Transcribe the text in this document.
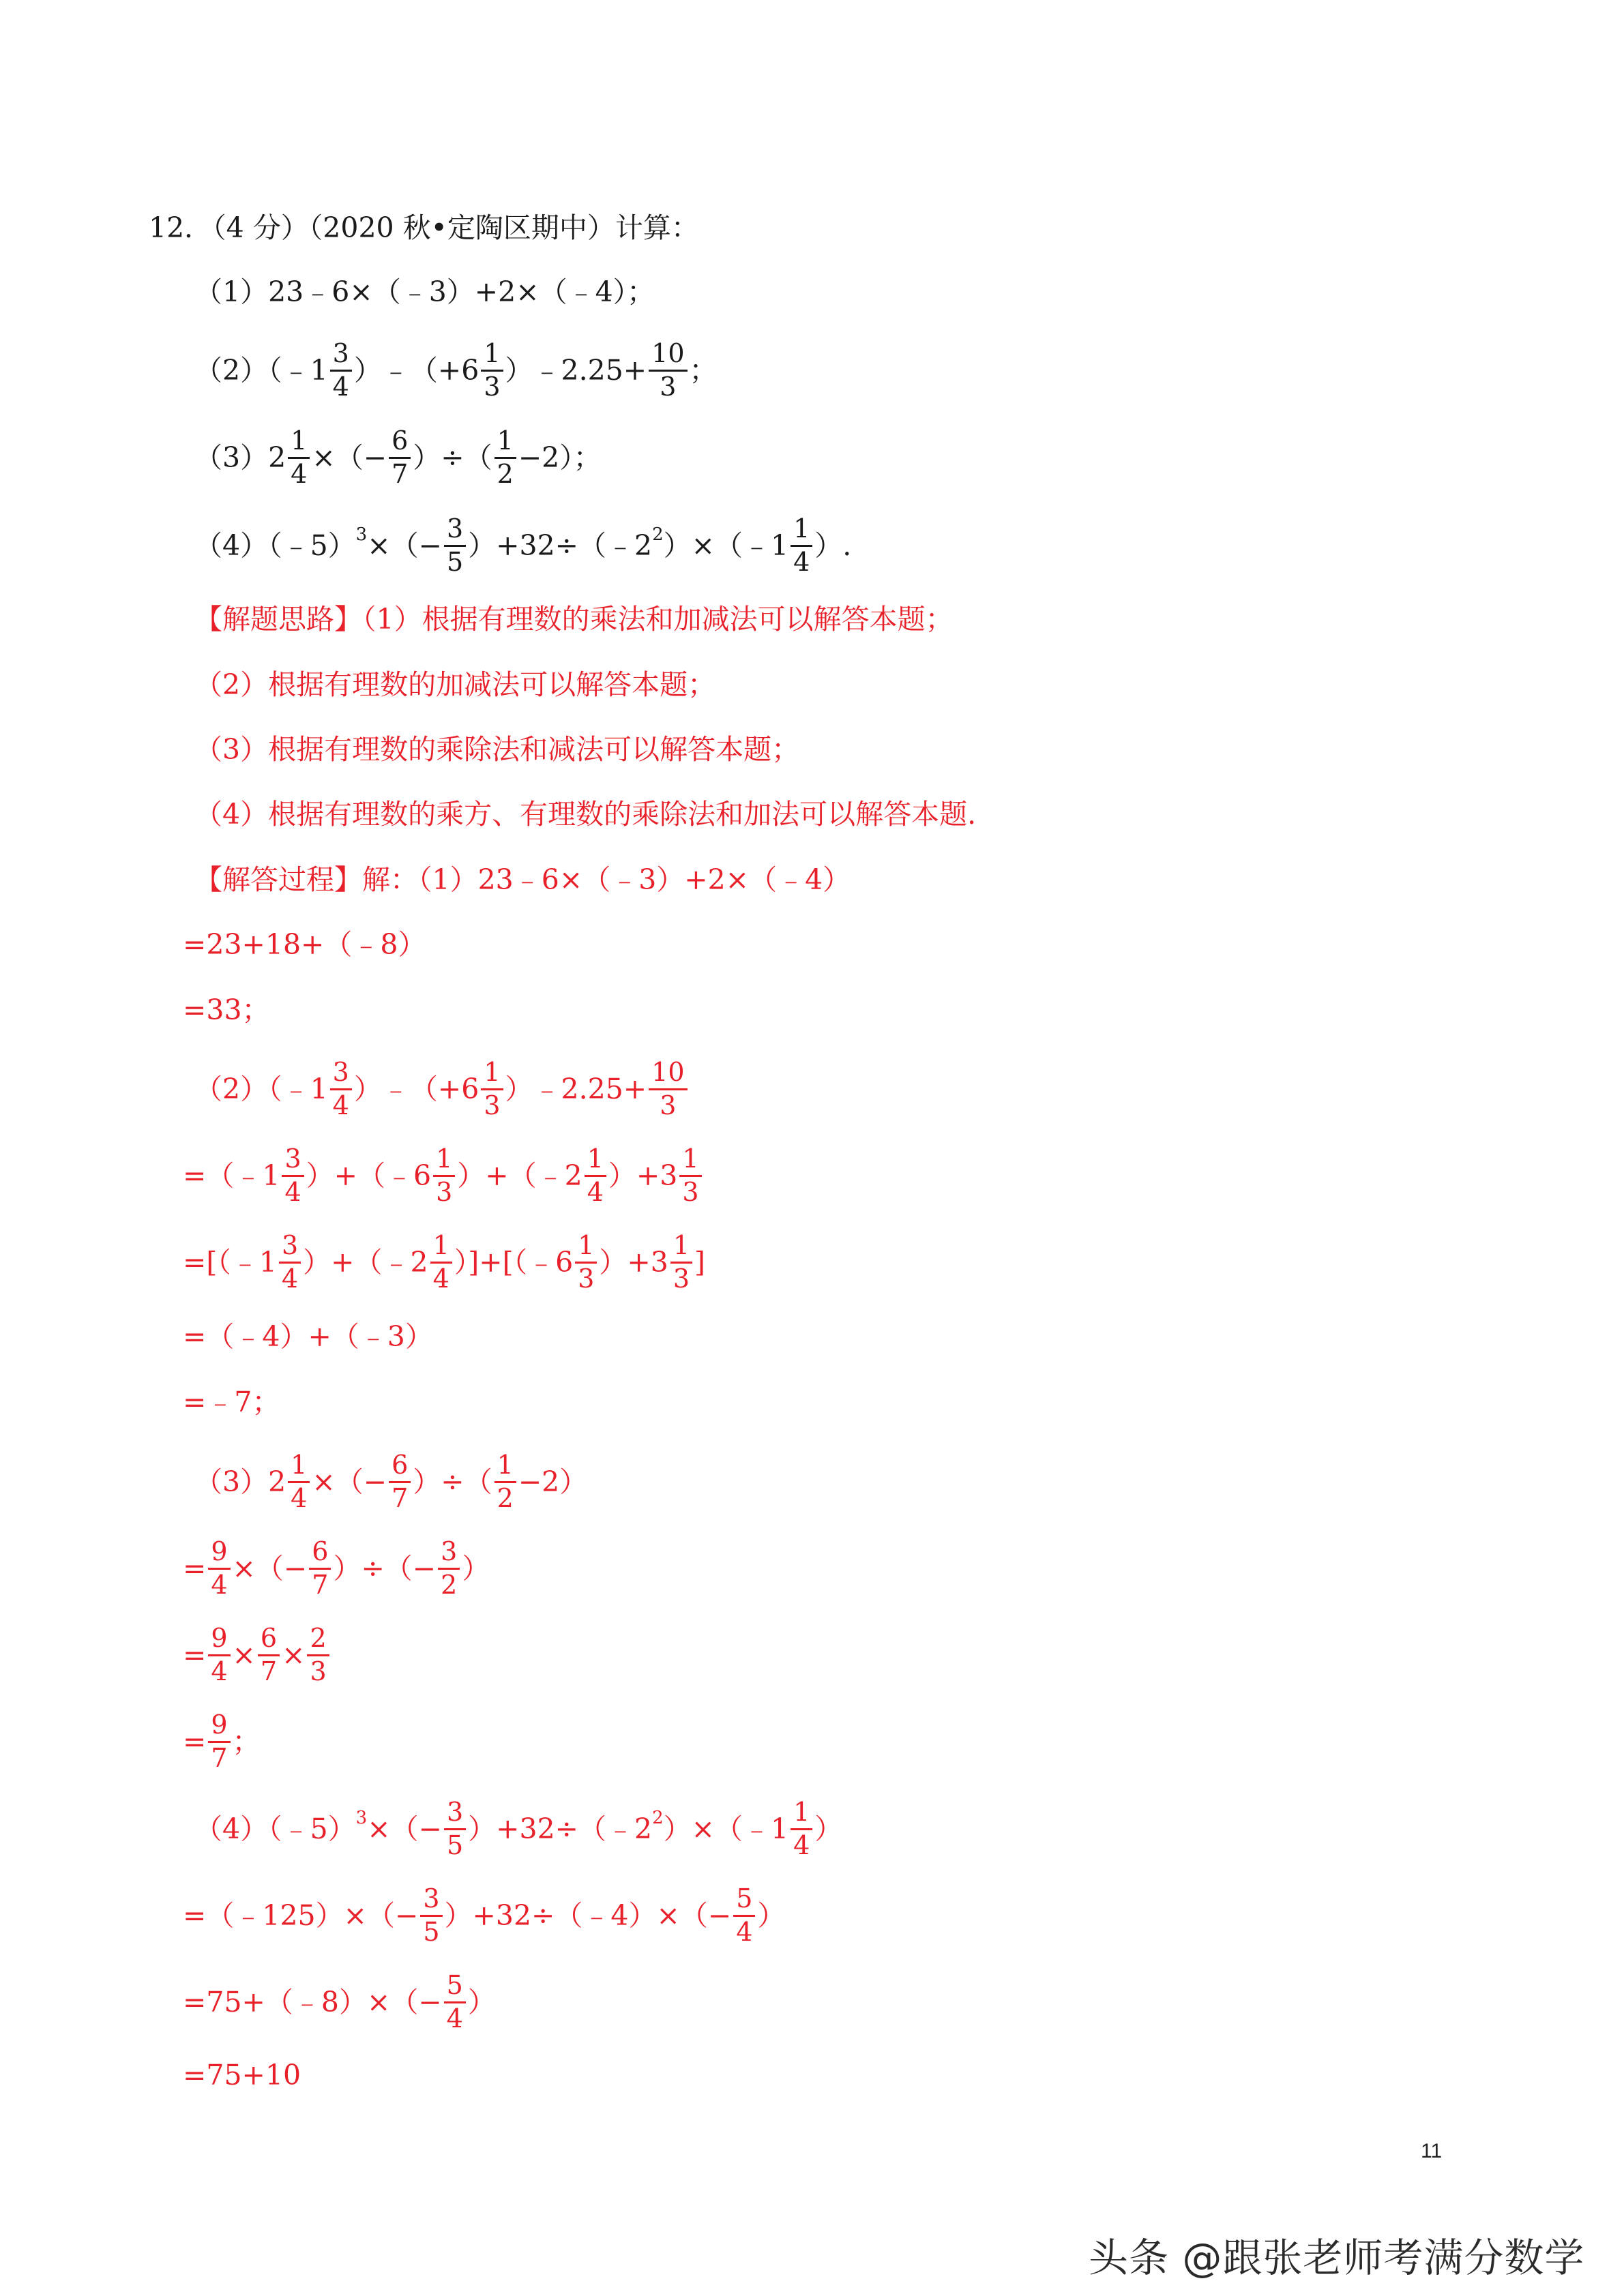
12．（4 分）（2020 秋•定陶区期中）计算：
（1）23﹣6×（﹣3）+2×（﹣4）；
（2）（﹣1 $\frac{3}{4}$ ）﹣（+6 $\frac{1}{3}$ ）﹣2.25+ $\frac{10}{3}$ ；
$(3)2 \frac{1}{4}$ ×（− $\frac{6}{7}$ ）÷（ $\frac{1}{2} -2$）；
（4）（﹣5） 3 ×（− $\frac{3}{5}$ ）+32÷（﹣2 2 ）×（﹣1 $\frac{1}{4}$ ）.
【解题思路】（1）根据有理数的乘法和加减法可以解答本题；
（2）根据有理数的加减法可以解答本题；
（3）根据有理数的乘除法和减法可以解答本题；
（4）根据有理数的乘方、有理数的乘除法和加法可以解答本题.
【解答过程】解：（1）23﹣6×（﹣3）+2×（﹣4）
=23+18+（﹣8）
=33；
（2）（﹣1 $\frac{3}{4}$ ）﹣（+6 $\frac{1}{3}$ ）﹣2.25+ $\frac{10}{3}$
=（﹣1 $\frac{3}{4}$ ）+（﹣6 $\frac{1}{3}$ ）+（﹣2 $\frac{1}{4} )+3 \frac{1}{3}$
=[（﹣1 $\frac{3}{4}$ ）+（﹣2 $\frac{1}{4}$ ）]+[（﹣6 $\frac{1}{3} )+3 \frac{1}{3}$ ]
=（﹣4）+（﹣3）
=﹣7；
$(3)2 \frac{1}{4}$ ×（− $\frac{6}{7}$ ）÷（ $\frac{1}{2} -2$）
= $\frac{9}{4}$ ×（− $\frac{6}{7}$ ）÷（− $\frac{3}{2}$ ）
= $\frac{9}{4} \times \frac{6}{7} \times \frac{2}{3}$
= $\frac{9}{7}$ ；
（4）（﹣5） 3 ×（− $\frac{3}{5}$ ）+32÷（﹣2 2 ）×（﹣1 $\frac{1}{4}$ ）
=（﹣125）×（− $\frac{3}{5}$ ）+32÷（﹣4）×（− $\frac{5}{4}$ ）
=75+（﹣8）×（− $\frac{5}{4}$ ）
=75+10
11
头条 @跟张老师考满分数学
